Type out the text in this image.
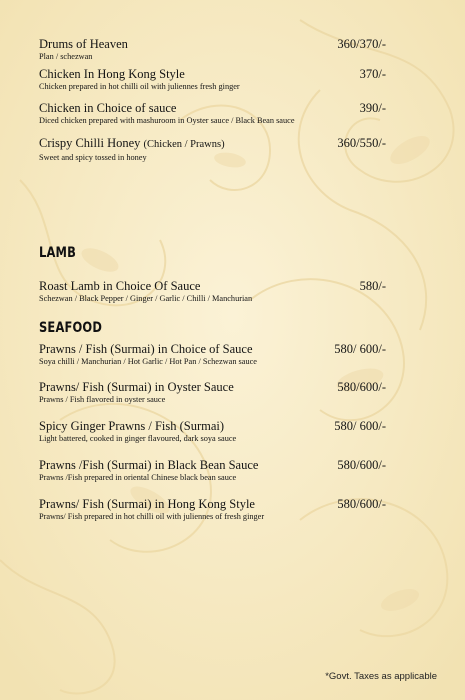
Drums of Heaven	360/370/-
Plan / schezwan
Chicken In Hong Kong Style	370/-
Chicken prepared in hot chilli oil with juliennes fresh ginger
Chicken in Choice of sauce	390/-
Diced chicken prepared with mashuroom in Oyster sauce / Black Bean sauce
Crispy Chilli Honey (Chicken / Prawns)	360/550/-
Sweet and spicy tossed in honey
LAMB
Roast Lamb in Choice Of Sauce	580/-
Schezwan / Black Pepper / Ginger / Garlic / Chilli / Manchurian
SEAFOOD
Prawns / Fish (Surmai) in Choice of Sauce	580/ 600/-
Soya chilli / Manchurian / Hot Garlic / Hot Pan / Schezwan sauce
Prawns/ Fish (Surmai) in Oyster Sauce	580/600/-
Prawns / Fish flavored in oyster sauce
Spicy Ginger Prawns / Fish (Surmai)	580/ 600/-
Light battered, cooked in ginger flavoured, dark soya sauce
Prawns /Fish (Surmai) in Black Bean Sauce	580/600/-
Prawns /Fish prepared in oriental Chinese black bean sauce
Prawns/ Fish (Surmai) in Hong Kong Style	580/600/-
Prawns/ Fish prepared in hot chilli oil with juliennes of fresh ginger
*Govt. Taxes as applicable
